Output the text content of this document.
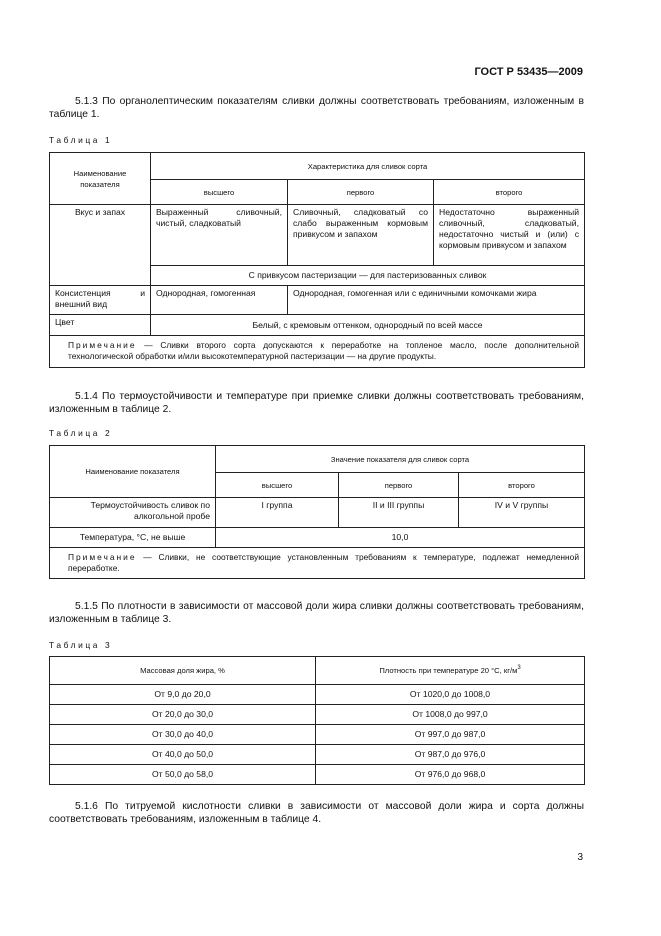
ГОСТ Р 53435—2009
5.1.3 По органолептическим показателям сливки должны соответствовать требованиям, изложенным в таблице 1.
Таблица 1
Наименование показателя	Характеристика для сливок сорта		
	высшего	первого	второго
Вкус и запах	Выраженный сливочный, чистый, сладковатый	Сливочный, сладковатый со слабо выраженным кормовым привкусом и запахом	Недостаточно выраженный сливочный, сладковатый, недостаточно чистый и (или) с кормовым привкусом и запахом
	С привкусом пастеризации — для пастеризованных сливок		
Консистенция и внешний вид	Однородная, гомогенная	Однородная, гомогенная или с единичными комочками жира	
Цвет	Белый, с кремовым оттенком, однородный по всей массе		
Примечание — Сливки второго сорта допускаются к переработке на топленое масло, после дополнительной технологической обработки и/или высокотемпературной пастеризации — на другие продукты.			
5.1.4 По термоустойчивости и температуре при приемке сливки должны соответствовать требованиям, изложенным в таблице 2.
Таблица 2
Наименование показателя	Значение показателя для сливок сорта		
	высшего	первого	второго
Термоустойчивость сливок по алкогольной пробе	I группа	II и III группы	IV и V группы
Температура, °С, не выше	10,0		
Примечание — Сливки, не соответствующие установленным требованиям к температуре, подлежат немедленной переработке.			
5.1.5 По плотности в зависимости от массовой доли жира сливки должны соответствовать требованиям, изложенным в таблице 3.
Таблица 3
Массовая доля жира, %	Плотность при температуре 20 °С, $кг/м^3$
От 9,0 до 20,0	От 1020,0 до 1008,0
От 20,0 до 30,0	От 1008,0 до 997,0
От 30,0 до 40,0	От 997,0 до 987,0
От 40,0 до 50,0	От 987,0 до 976,0
От 50,0 до 58,0	От 976,0 до 968,0
5.1.6 По титруемой кислотности сливки в зависимости от массовой доли жира и сорта должны соответствовать требованиям, изложенным в таблице 4.
3
